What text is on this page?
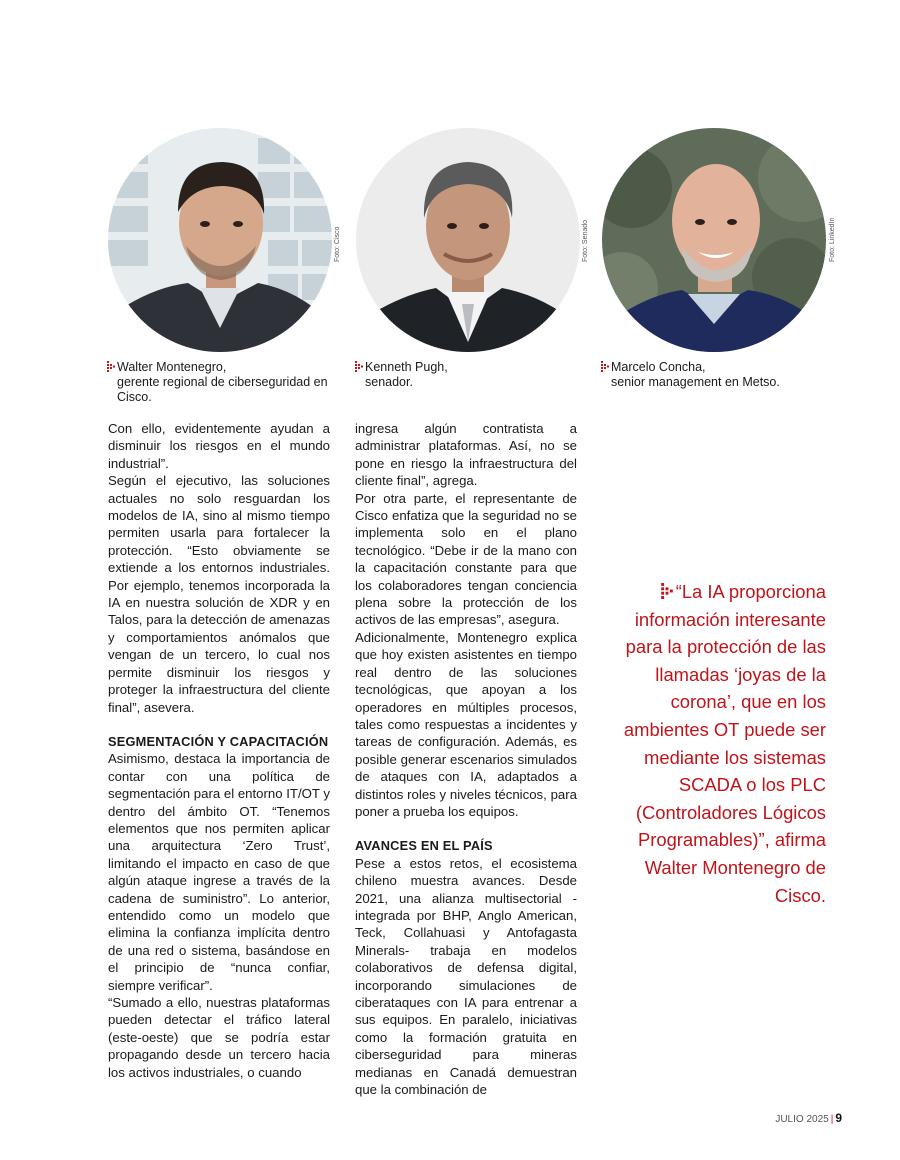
Foto: Cisco	Foto: Senado	Foto: LinkedIn
Walter Montenegro,
gerente regional de ciberseguridad en Cisco.
Kenneth Pugh,
senador.
Marcelo Concha,
senior management en Metso.

Con ello, evidentemente ayudan a disminuir los riesgos en el mundo industrial”.

Según el ejecutivo, las soluciones actuales no solo resguardan los modelos de IA, sino al mismo tiempo permiten usarla para fortalecer la protección. “Esto obviamente se extiende a los entornos industriales. Por ejemplo, tenemos incorporada la IA en nuestra solución de XDR y en Talos, para la detección de amenazas y comportamientos anómalos que vengan de un tercero, lo cual nos permite disminuir los riesgos y proteger la infraestructura del cliente final”, asevera.

SEGMENTACIÓN Y CAPACITACIÓN

Asimismo, destaca la importancia de contar con una política de segmentación para el entorno IT/OT y dentro del ámbito OT. “Tenemos elementos que nos permiten aplicar una arquitectura ‘Zero Trust’, limitando el impacto en caso de que algún ataque ingrese a través de la cadena de suministro”. Lo anterior, entendido como un modelo que elimina la confianza implícita dentro de una red o sistema, basándose en el principio de “nunca confiar, siempre verificar”.

“Sumado a ello, nuestras plataformas pueden detectar el tráfico lateral (este-oeste) que se podría estar propagando desde un tercero hacia los activos industriales, o cuando

ingresa algún contratista a administrar plataformas. Así, no se pone en riesgo la infraestructura del cliente final”, agrega.

Por otra parte, el representante de Cisco enfatiza que la seguridad no se implementa solo en el plano tecnológico. “Debe ir de la mano con la capacitación constante para que los colaboradores tengan conciencia plena sobre la protección de los activos de las empresas”, asegura.

Adicionalmente, Montenegro explica que hoy existen asistentes en tiempo real dentro de las soluciones tecnológicas, que apoyan a los operadores en múltiples procesos, tales como respuestas a incidentes y tareas de configuración. Además, es posible generar escenarios simulados de ataques con IA, adaptados a distintos roles y niveles técnicos, para poner a prueba los equipos.

AVANCES EN EL PAÍS

Pese a estos retos, el ecosistema chileno muestra avances. Desde 2021, una alianza multisectorial -integrada por BHP, Anglo American, Teck, Collahuasi y Antofagasta Minerals- trabaja en modelos colaborativos de defensa digital, incorporando simulaciones de ciberataques con IA para entrenar a sus equipos. En paralelo, iniciativas como la formación gratuita en ciberseguridad para mineras medianas en Canadá demuestran que la combinación de

“La IA proporciona información interesante para la protección de las llamadas ‘joyas de la corona’, que en los ambientes OT puede ser mediante los sistemas SCADA o los PLC (Controladores Lógicos Programables)”, afirma Walter Montenegro de Cisco.
JULIO 2025 | 9
